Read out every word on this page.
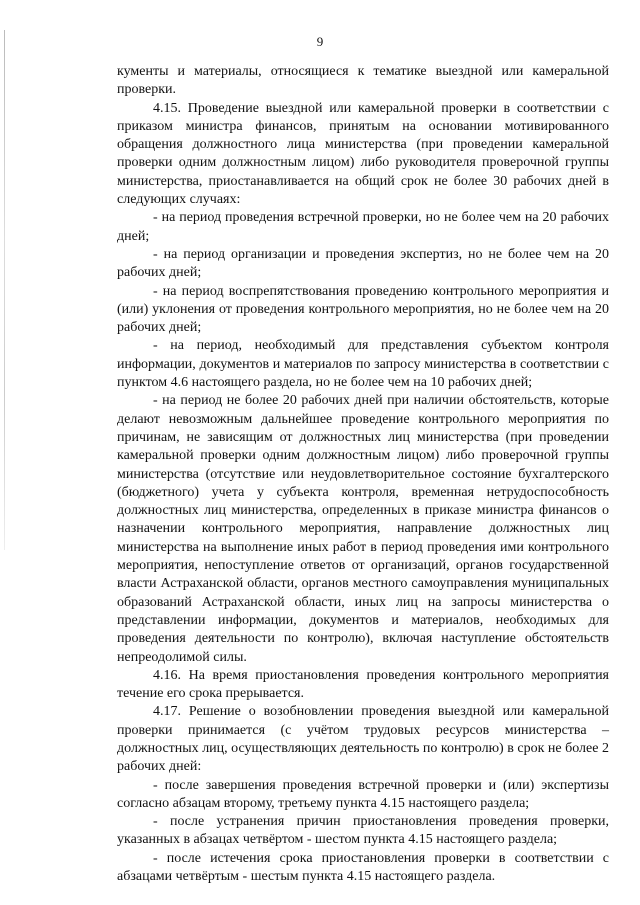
9

кументы и материалы, относящиеся к тематике выездной или камеральной проверки.

4.15. Проведение выездной или камеральной проверки в соответствии с приказом министра финансов, принятым на основании мотивированного обращения должностного лица министерства (при проведении камеральной проверки одним должностным лицом) либо руководителя проверочной группы министерства, приостанавливается на общий срок не более 30 рабочих дней в следующих случаях:

- на период проведения встречной проверки, но не более чем на 20 рабочих дней;

- на период организации и проведения экспертиз, но не более чем на 20 рабочих дней;

- на период воспрепятствования проведению контрольного мероприятия и (или) уклонения от проведения контрольного мероприятия, но не более чем на 20 рабочих дней;

- на период, необходимый для представления субъектом контроля информации, документов и материалов по запросу министерства в соответствии с пунктом 4.6 настоящего раздела, но не более чем на 10 рабочих дней;

- на период не более 20 рабочих дней при наличии обстоятельств, которые делают невозможным дальнейшее проведение контрольного мероприятия по причинам, не зависящим от должностных лиц министерства (при проведении камеральной проверки одним должностным лицом) либо проверочной группы министерства (отсутствие или неудовлетворительное состояние бухгалтерского (бюджетного) учета у субъекта контроля, временная нетрудоспособность должностных лиц министерства, определенных в приказе министра финансов о назначении контрольного мероприятия, направление должностных лиц министерства на выполнение иных работ в период проведения ими контрольного мероприятия, непоступление ответов от организаций, органов государственной власти Астраханской области, органов местного самоуправления муниципальных образований Астраханской области, иных лиц на запросы министерства о представлении информации, документов и материалов, необходимых для проведения деятельности по контролю), включая наступление обстоятельств непреодолимой силы.

4.16. На время приостановления проведения контрольного мероприятия течение его срока прерывается.

4.17. Решение о возобновлении проведения выездной или камеральной проверки принимается (с учётом трудовых ресурсов министерства – должностных лиц, осуществляющих деятельность по контролю) в срок не более 2 рабочих дней:

- после завершения проведения встречной проверки и (или) экспертизы согласно абзацам второму, третьему пункта 4.15 настоящего раздела;

- после устранения причин приостановления проведения проверки, указанных в абзацах четвёртом - шестом пункта 4.15 настоящего раздела;

- после истечения срока приостановления проверки в соответствии с абзацами четвёртым - шестым пункта 4.15 настоящего раздела.
